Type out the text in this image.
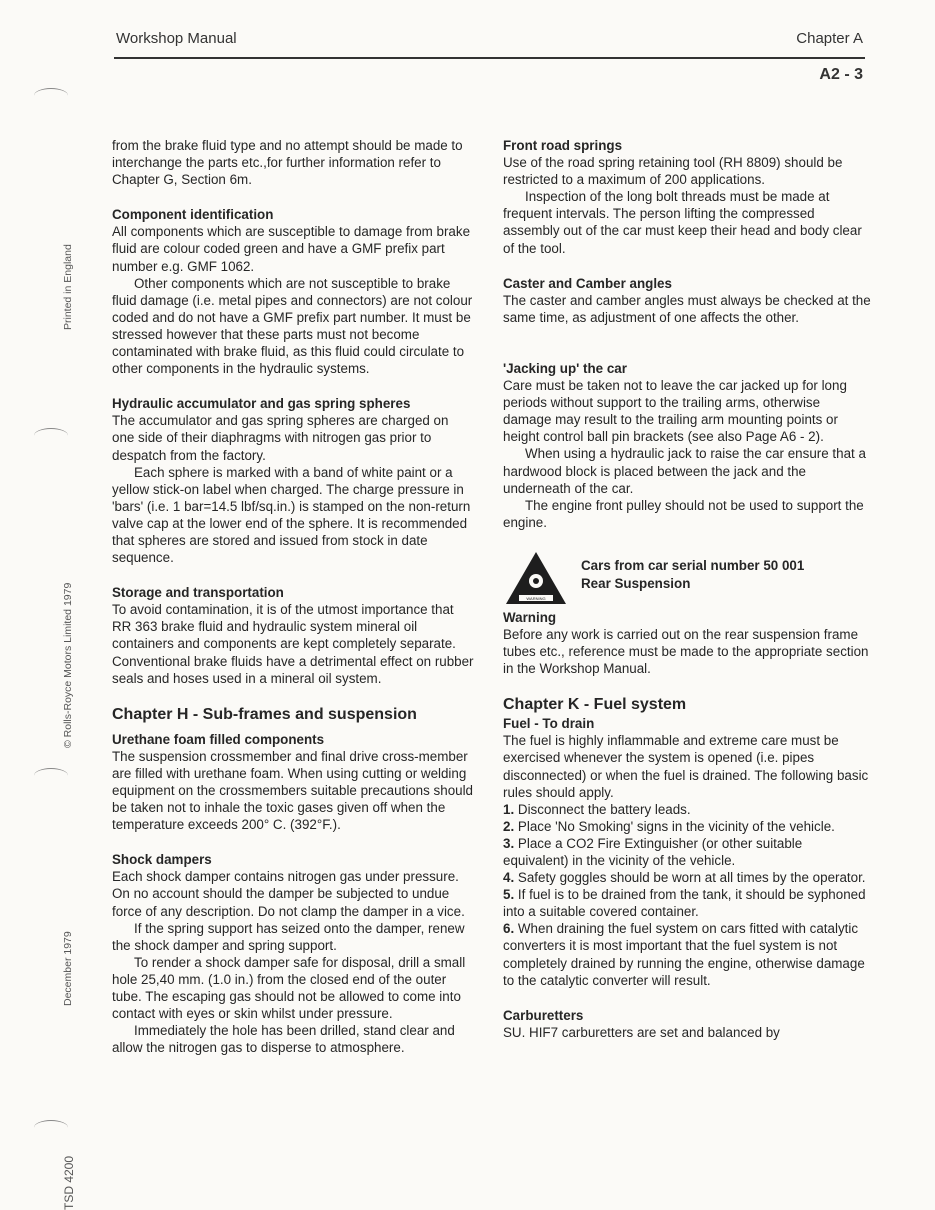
Workshop Manual	Chapter A
A2 - 3
Printed in England
© Rolls-Royce Motors Limited 1979
December 1979
TSD 4200

from the brake fluid type and no attempt should be made to interchange the parts etc.,for further information refer to Chapter G, Section 6m.

Component identification

All components which are susceptible to damage from brake fluid are colour coded green and have a GMF prefix part number e.g. GMF 1062.

Other components which are not susceptible to brake fluid damage (i.e. metal pipes and connectors) are not colour coded and do not have a GMF prefix part number. It must be stressed however that these parts must not become contaminated with brake fluid, as this fluid could circulate to other components in the hydraulic systems.

Hydraulic accumulator and gas spring spheres

The accumulator and gas spring spheres are charged on one side of their diaphragms with nitrogen gas prior to despatch from the factory.

Each sphere is marked with a band of white paint or a yellow stick-on label when charged. The charge pressure in 'bars' (i.e. 1 bar=14.5 lbf/sq.in.) is stamped on the non-return valve cap at the lower end of the sphere. It is recommended that spheres are stored and issued from stock in date sequence.

Storage and transportation

To avoid contamination, it is of the utmost importance that RR 363 brake fluid and hydraulic system mineral oil containers and components are kept completely separate. Conventional brake fluids have a detrimental effect on rubber seals and hoses used in a mineral oil system.

Chapter H - Sub-frames and suspension
Urethane foam filled components

The suspension crossmember and final drive cross-member are filled with urethane foam. When using cutting or welding equipment on the crossmembers suitable precautions should be taken not to inhale the toxic gases given off when the temperature exceeds 200° C. (392°F.).

Shock dampers

Each shock damper contains nitrogen gas under pressure. On no account should the damper be subjected to undue force of any description. Do not clamp the damper in a vice.

If the spring support has seized onto the damper, renew the shock damper and spring support.

To render a shock damper safe for disposal, drill a small hole 25,40 mm. (1.0 in.) from the closed end of the outer tube. The escaping gas should not be allowed to come into contact with eyes or skin whilst under pressure.

Immediately the hole has been drilled, stand clear and allow the nitrogen gas to disperse to atmosphere.

Front road springs

Use of the road spring retaining tool (RH 8809) should be restricted to a maximum of 200 applications.

Inspection of the long bolt threads must be made at frequent intervals. The person lifting the compressed assembly out of the car must keep their head and body clear of the tool.

Caster and Camber angles

The caster and camber angles must always be checked at the same time, as adjustment of one affects the other.

'Jacking up' the car

Care must be taken not to leave the car jacked up for long periods without support to the trailing arms, otherwise damage may result to the trailing arm mounting points or height control ball pin brackets (see also Page A6 - 2).

When using a hydraulic jack to raise the car ensure that a hardwood block is placed between the jack and the underneath of the car.

The engine front pulley should not be used to support the engine.

WARNING
Cars from car serial number 50 001
Rear Suspension
Warning

Before any work is carried out on the rear suspension frame tubes etc., reference must be made to the appropriate section in the Workshop Manual.

Chapter K - Fuel system
Fuel - To drain

The fuel is highly inflammable and extreme care must be exercised whenever the system is opened (i.e. pipes disconnected) or when the fuel is drained. The following basic rules should apply.

1. Disconnect the battery leads.

2. Place 'No Smoking' signs in the vicinity of the vehicle.

3. Place a CO2 Fire Extinguisher (or other suitable equivalent) in the vicinity of the vehicle.

4. Safety goggles should be worn at all times by the operator.

5. If fuel is to be drained from the tank, it should be syphoned into a suitable covered container.

6. When draining the fuel system on cars fitted with catalytic converters it is most important that the fuel system is not completely drained by running the engine, otherwise damage to the catalytic converter will result.

Carburetters

SU. HIF7 carburetters are set and balanced by
